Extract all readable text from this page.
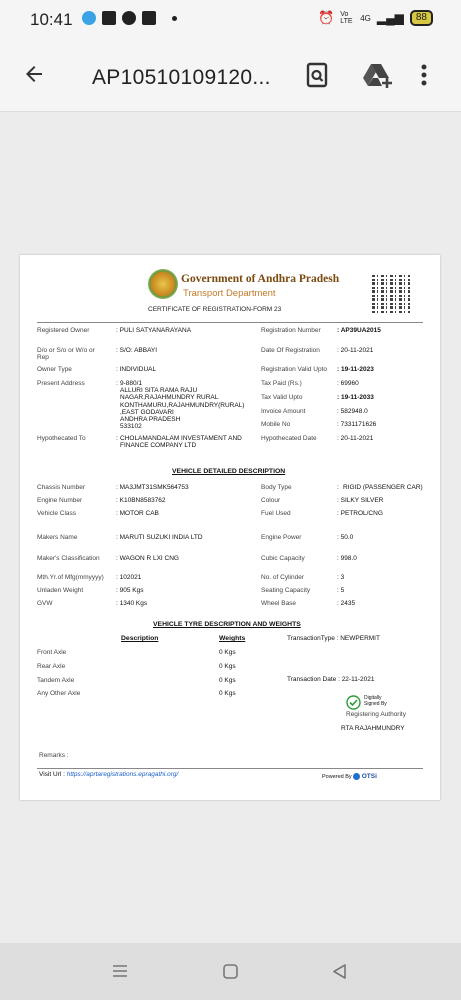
10:41	⏰ Vo LTE 4G ▂▄▆	88
AP10510109120...
Government of Andhra Pradesh
Transport Department
CERTIFICATE OF REGISTRATION-FORM 23
Registered Owner	: PULI SATYANARAYANA
D/o or S/o or W/o or Rep
: S/O: ABBAYI
Owner Type	: INDIVIDUAL
Present Address	: 9-880/1
ALLURI SITA RAMA RAJU NAGAR,RAJAHMUNDRY RURAL
KONTHAMURU,RAJAHMUNDRY(RURAL)
,EAST GODAVARI
ANDHRA PRADESH
533102
Hypothecated To	: CHOLAMANDALAM INVESTAMENT AND FINANCE COMPANY LTD
Registration Number	: AP39UA2015
Date Of Registration	: 20-11-2021
Registration Valid Upto : 19-11-2023
Tax Paid (Rs.)	: 69960
Tax Valid Upto	: 19-11-2033
Invoice Amount	: 582948.0
Mobile No	: 7331171626
Hypothecated Date	: 20-11-2021
VEHICLE DETAILED DESCRIPTION
Chassis Number	: MA3JMT31SMK564753
Engine Number	: K10BN8583762
Vehicle Class	: MOTOR CAB
Makers Name	: MARUTI SUZUKI INDIA LTD
Maker's Classification	: WAGON R LXI CNG
Mth.Yr.of Mfg(mmyyyy) : 102021
Unladen Weight	: 905 Kgs
GVW	: 1340 Kgs
Body Type	: RIGID (PASSENGER CAR)
Colour	: SILKY SILVER
Fuel Used	: PETROL/CNG
Engine Power	: 50.0
Cubic Capacity	: 998.0
No. of Cylinder	: 3
Seating Capacity	: 5
Wheel Base	: 2435
VEHICLE TYRE DESCRIPTION AND WEIGHTS
Description	Weights
Front Axle	0 Kgs
Rear Axle	0 Kgs
Tandem Axle	0 Kgs
Any Other Axle	0 Kgs
TransactionType : NEWPERMIT
Transaction Date : 22-11-2021
Digitally Signed By
Registering Authority
RTA RAJAHMUNDRY
Remarks :
Visit Url : https://aprtaregistrations.epragathi.org/	Powered By OTSi
